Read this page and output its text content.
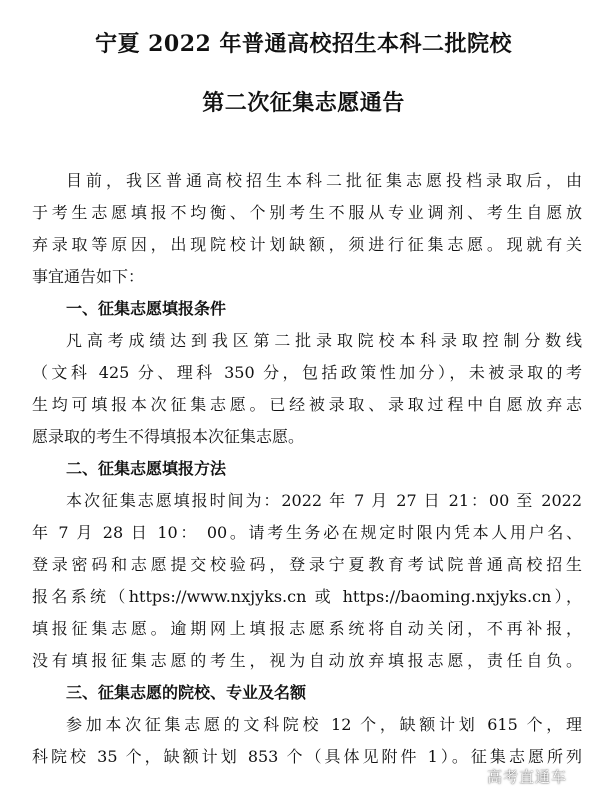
宁夏 2022 年普通高校招生本科二批院校
第二次征集志愿通告
目前，我区普通高校招生本科二批征集志愿投档录取后，由
于考生志愿填报不均衡、个别考生不服从专业调剂、考生自愿放
弃录取等原因，出现院校计划缺额，须进行征集志愿。现就有关
事宜通告如下：
一、征集志愿填报条件
凡高考成绩达到我区第二批录取院校本科录取控制分数线
（文科 425 分、理科 350 分，包括政策性加分），未被录取的考
生均可填报本次征集志愿。已经被录取、录取过程中自愿放弃志
愿录取的考生不得填报本次征集志愿。
二、征集志愿填报方法
本次征集志愿填报时间为：2022 年 7 月 27 日 21：00 至 2022
年 7 月 28 日 10： 00。请考生务必在规定时限内凭本人用户名、
登录密码和志愿提交校验码，登录宁夏教育考试院普通高校招生
报名系统（https://www.nxjyks.cn 或 https://baoming.nxjyks.cn），
填报征集志愿。逾期网上填报志愿系统将自动关闭，不再补报，
没有填报征集志愿的考生，视为自动放弃填报志愿，责任自负。
三、征集志愿的院校、专业及名额
参加本次征集志愿的文科院校 12 个，缺额计划 615 个，理
科院校 35 个，缺额计划 853 个（具体见附件 1）。征集志愿所列
高考直通车
